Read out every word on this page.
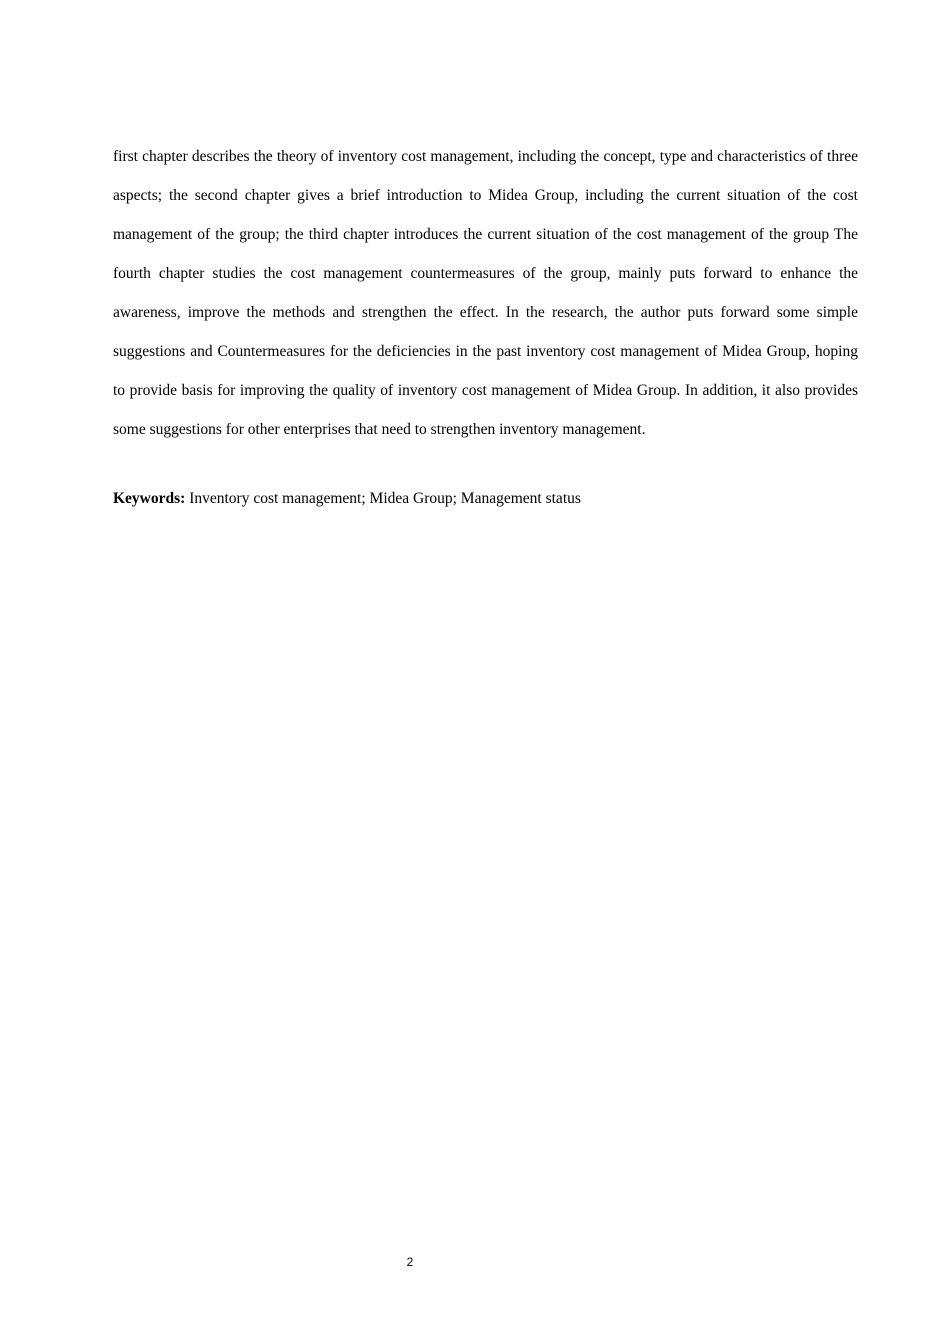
first chapter describes the theory of inventory cost management, including the concept, type and characteristics of three aspects; the second chapter gives a brief introduction to Midea Group, including the current situation of the cost management of the group; the third chapter introduces the current situation of the cost management of the group The fourth chapter studies the cost management countermeasures of the group, mainly puts forward to enhance the awareness, improve the methods and strengthen the effect. In the research, the author puts forward some simple suggestions and Countermeasures for the deficiencies in the past inventory cost management of Midea Group, hoping to provide basis for improving the quality of inventory cost management of Midea Group. In addition, it also provides some suggestions for other enterprises that need to strengthen inventory management.

Keywords: Inventory cost management; Midea Group; Management status

2
